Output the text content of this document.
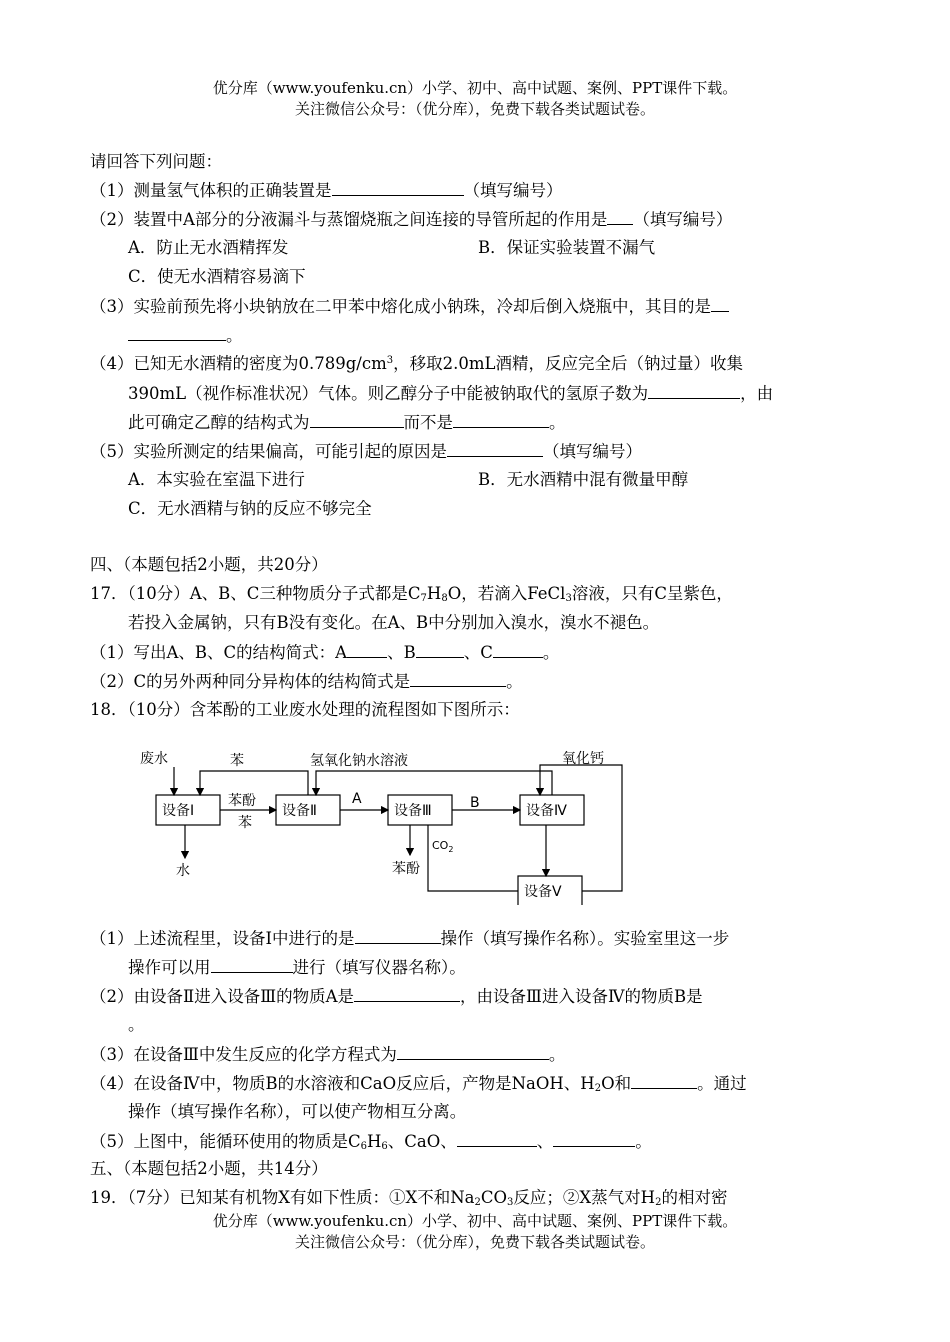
优分库（www.youfenku.cn）小学、初中、高中试题、案例、PPT课件下载。
关注微信公众号：（优分库），免费下载各类试题试卷。
请回答下列问题：
（1）测量氢气体积的正确装置是	（填写编号）
（2）装置中A部分的分液漏斗与蒸馏烧瓶之间连接的导管所起的作用是 （填写编号）
A．防止无水酒精挥发	B．保证实验装置不漏气
C．使无水酒精容易滴下
（3）实验前预先将小块钠放在二甲苯中熔化成小钠珠，冷却后倒入烧瓶中，其目的是
。
（4）已知无水酒精的密度为$0.789g/cm^3$，移取2.0mL酒精，反应完全后（钠过量）收集
390mL（视作标准状况）气体。则乙醇分子中能被钠取代的氢原子数为	，由
此可确定乙醇的结构式为	而不是	。
（5）实验所测定的结果偏高，可能引起的原因是	（填写编号）
A．本实验在室温下进行	B．无水酒精中混有微量甲醇
C．无水酒精与钠的反应不够完全
四、（本题包括2小题，共20分）
17．（10分）A、B、C三种物质分子式都是$C_7H_8O$，若滴入FeCl$_3$溶液，只有C呈紫色，
若投入金属钠，只有B没有变化。在A、B中分别加入溴水，溴水不褪色。
（1）写出A、B、C的结构简式：A 、B	、C	。
（2）C的另外两种同分异构体的结构简式是	。
18．（10分）含苯酚的工业废水处理的流程图如下图所示：
废水	苯	氢氧化钠水溶液	氧化钙
设备Ⅰ	设备Ⅱ	设备Ⅲ	设备Ⅳ
设备Ⅴ
苯酚
苯
A	B
水	苯酚
$CO_2$
（1）上述流程里，设备Ⅰ中进行的是	操作（填写操作名称）。实验室里这一步
操作可以用	进行（填写仪器名称）。
（2）由设备Ⅱ进入设备Ⅲ的物质A是	，由设备Ⅲ进入设备Ⅳ的物质B是
。
（3）在设备Ⅲ中发生反应的化学方程式为	。
（4）在设备Ⅳ中，物质B的水溶液和CaO反应后，产物是NaOH、$H_2O$和	。通过
操作（填写操作名称），可以使产物相互分离。
（5）上图中，能循环使用的物质是$C_6H_6$、CaO、	、	。
五、（本题包括2小题，共14分）
19．（7分）已知某有机物X有如下性质：①X不和$Na_2CO_3$反应；②X蒸气对$H_2$的相对密
优分库（www.youfenku.cn）小学、初中、高中试题、案例、PPT课件下载。
关注微信公众号：（优分库），免费下载各类试题试卷。
